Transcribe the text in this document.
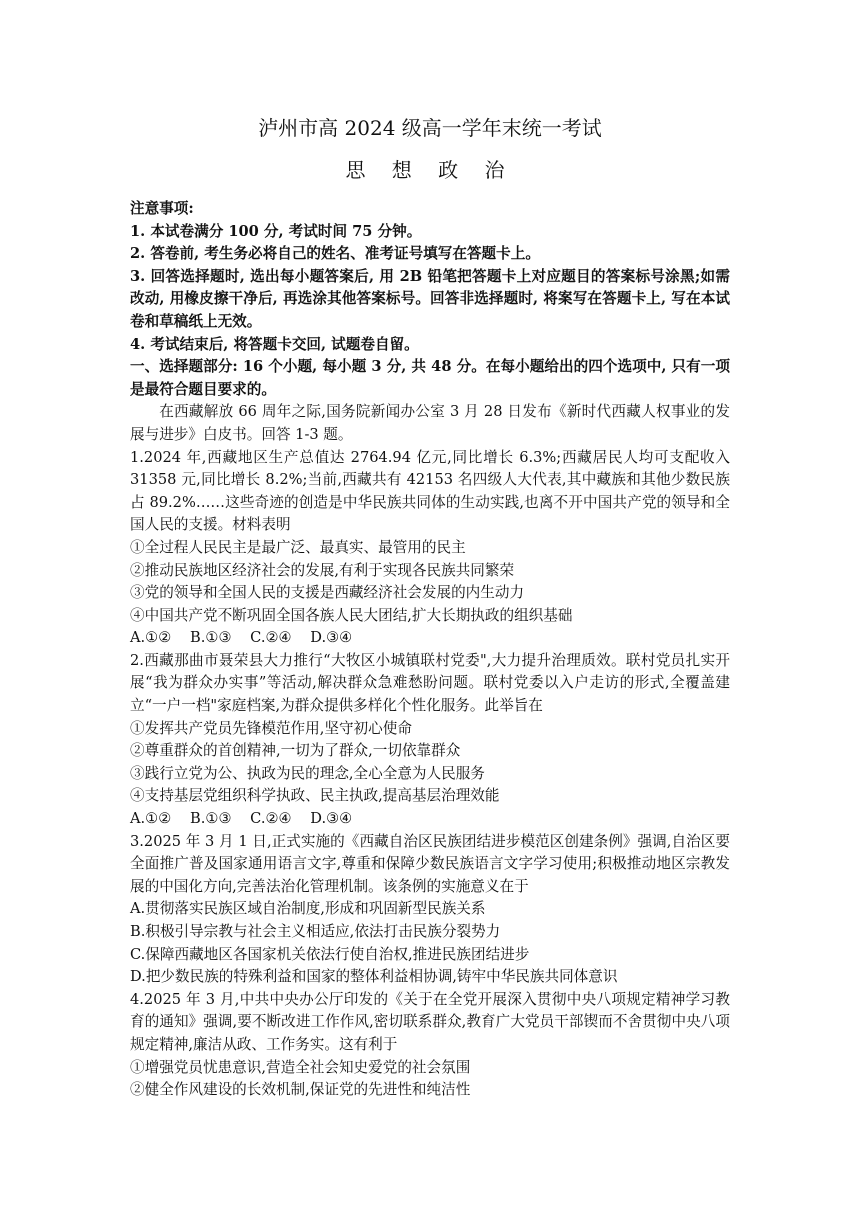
泸州市高 2024 级高一学年末统一考试

思 想 政 治

注意事项:

1. 本试卷满分 100 分, 考试时间 75 分钟。

2. 答卷前, 考生务必将自己的姓名、准考证号填写在答题卡上。

3. 回答选择题时, 选出每小题答案后, 用 2B 铅笔把答题卡上对应题目的答案标号涂黑;如需改动, 用橡皮擦干净后, 再选涂其他答案标号。回答非选择题时, 将案写在答题卡上, 写在本试卷和草稿纸上无效。

4. 考试结束后, 将答题卡交回, 试题卷自留。

一、选择题部分: 16 个小题, 每小题 3 分, 共 48 分。在每小题给出的四个选项中, 只有一项是最符合题目要求的。

在西藏解放 66 周年之际,国务院新闻办公室 3 月 28 日发布《新时代西藏人权事业的发展与进步》白皮书。回答 1-3 题。

1.2024 年,西藏地区生产总值达 2764.94 亿元,同比增长 6.3%;西藏居民人均可支配收入 31358 元,同比增长 8.2%;当前,西藏共有 42153 名四级人大代表,其中藏族和其他少数民族占 89.2%……这些奇迹的创造是中华民族共同体的生动实践,也离不开中国共产党的领导和全国人民的支援。材料表明

①全过程人民民主是最广泛、最真实、最管用的民主

②推动民族地区经济社会的发展,有利于实现各民族共同繁荣

③党的领导和全国人民的支援是西藏经济社会发展的内生动力

④中国共产党不断巩固全国各族人民大团结,扩大长期执政的组织基础

A.①② B.①③ C.②④ D.③④

2.西藏那曲市聂荣县大力推行“大牧区小城镇联村党委",大力提升治理质效。联村党员扎实开展“我为群众办实事”等活动,解决群众急难愁盼问题。联村党委以入户走访的形式,全覆盖建立“一户一档"家庭档案,为群众提供多样化个性化服务。此举旨在

①发挥共产党员先锋模范作用,坚守初心使命

②尊重群众的首创精神,一切为了群众,一切依靠群众

③践行立党为公、执政为民的理念,全心全意为人民服务

④支持基层党组织科学执政、民主执政,提高基层治理效能

A.①② B.①③ C.②④ D.③④

3.2025 年 3 月 1 日,正式实施的《西藏自治区民族团结进步模范区创建条例》强调,自治区要全面推广普及国家通用语言文字,尊重和保障少数民族语言文字学习使用;积极推动地区宗教发展的中国化方向,完善法治化管理机制。该条例的实施意义在于

A.贯彻落实民族区域自治制度,形成和巩固新型民族关系

B.积极引导宗教与社会主义相适应,依法打击民族分裂势力

C.保障西藏地区各国家机关依法行使自治权,推进民族团结进步

D.把少数民族的特殊利益和国家的整体利益相协调,铸牢中华民族共同体意识

4.2025 年 3 月,中共中央办公厅印发的《关于在全党开展深入贯彻中央八项规定精神学习教育的通知》强调,要不断改进工作作风,密切联系群众,教育广大党员干部锲而不舍贯彻中央八项规定精神,廉洁从政、工作务实。这有利于

①增强党员忧患意识,营造全社会知史爱党的社会氛围

②健全作风建设的长效机制,保证党的先进性和纯洁性
